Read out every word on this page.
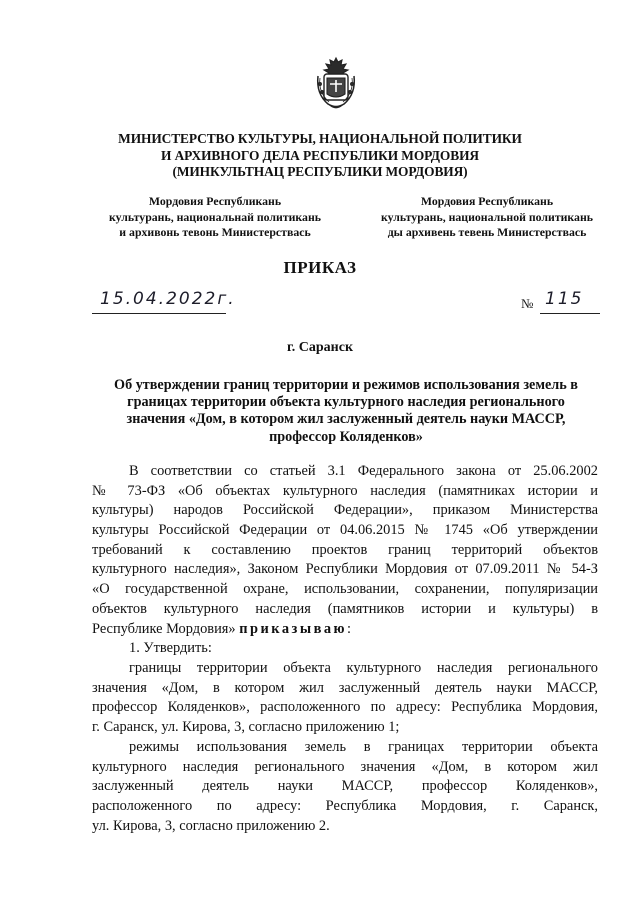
МИНИСТЕРСТВО КУЛЬТУРЫ, НАЦИОНАЛЬНОЙ ПОЛИТИКИ
И АРХИВНОГО ДЕЛА РЕСПУБЛИКИ МОРДОВИЯ
(МИНКУЛЬТНАЦ РЕСПУБЛИКИ МОРДОВИЯ)
Мордовия Республикань
культурань, национальнай политикань
и архивонь тевонь Министерствась
Мордовия Республикань
культурань, национальной политикань
ды архивень тевень Министерствась
ПРИКАЗ
15.04.2022г.	№ 115
г. Саранск
Об утверждении границ территории и режимов использования земель в
границах территории объекта культурного наследия регионального
значения «Дом, в котором жил заслуженный деятель науки МАССР,
профессор Коляденков»
В соответствии со статьей 3.1 Федерального закона от 25.06.2002
№ 73-ФЗ «Об объектах культурного наследия (памятниках истории и
культуры) народов Российской Федерации», приказом Министерства
культуры Российской Федерации от 04.06.2015 № 1745 «Об утверждении
требований к составлению проектов границ территорий объектов
культурного наследия», Законом Республики Мордовия от 07.09.2011 № 54-З
«О государственной охране, использовании, сохранении, популяризации
объектов культурного наследия (памятников истории и культуры) в
Республике Мордовия» приказываю:
1. Утвердить:
границы территории объекта культурного наследия регионального
значения «Дом, в котором жил заслуженный деятель науки МАССР,
профессор Коляденков», расположенного по адресу: Республика Мордовия,
г. Саранск, ул. Кирова, 3, согласно приложению 1;
режимы использования земель в границах территории объекта
культурного наследия регионального значения «Дом, в котором жил
заслуженный деятель науки МАССР, профессор Коляденков»,
расположенного по адресу: Республика Мордовия, г. Саранск,
ул. Кирова, 3, согласно приложению 2.
